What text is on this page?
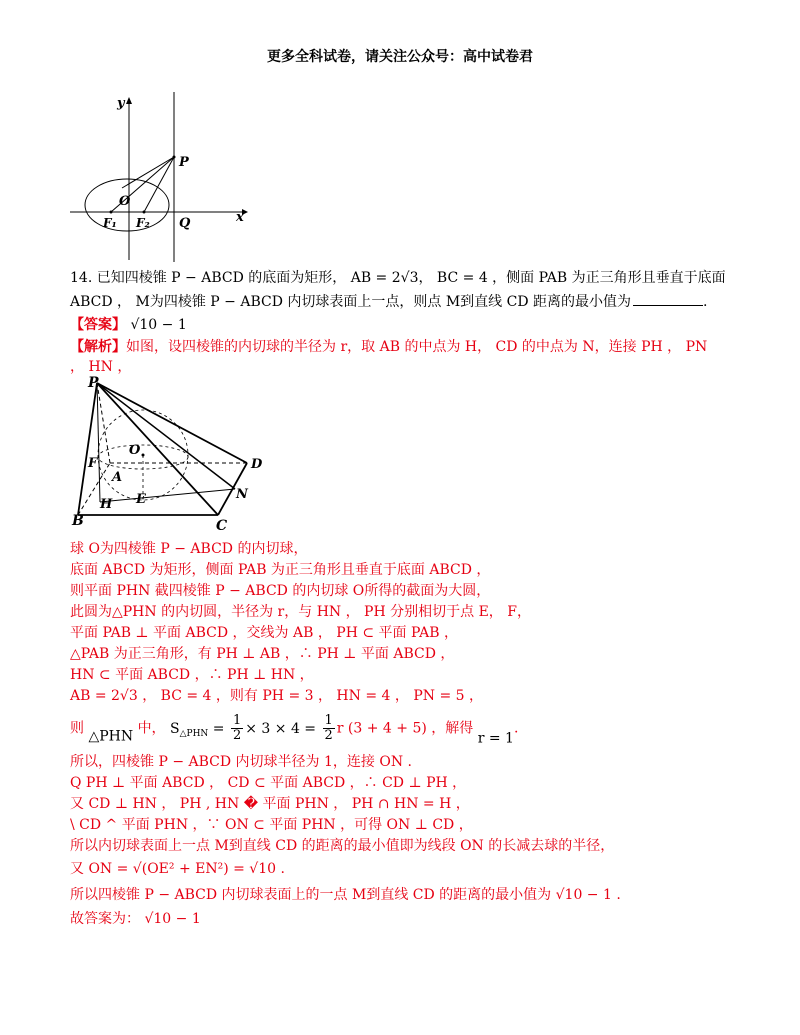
更多全科试卷，请关注公众号：高中试卷君
y
x
P
O
F₁ F₂ Q
14. 已知四棱锥 P − ABCD 的底面为矩形， AB = 2√3， BC = 4 ，侧面 PAB 为正三角形且垂直于底面
ABCD ， M为四棱锥 P − ABCD 内切球表面上一点，则点 M到直线 CD 距离的最小值为	.
【答案】 √10 − 1
【解析】如图，设四棱锥的内切球的半径为 r，取 AB 的中点为 H， CD 的中点为 N，连接 PH ， PN
， HN ，
P
O
F
A
E
D
N
H
B	C
球 O为四棱锥 P − ABCD 的内切球，
底面 ABCD 为矩形，侧面 PAB 为正三角形且垂直于底面 ABCD ，
则平面 PHN 截四棱锥 P − ABCD 的内切球 O所得的截面为大圆，
此圆为△PHN 的内切圆，半径为 r，与 HN ， PH 分别相切于点 E， F，
平面 PAB ⊥ 平面 ABCD ，交线为 AB ， PH ⊂ 平面 PAB ，
△PAB 为正三角形，有 PH ⊥ AB ，∴ PH ⊥ 平面 ABCD ，
HN ⊂ 平面 ABCD ，∴ PH ⊥ HN ，
AB = 2√3 ， BC = 4 ，则有 PH = 3 ， HN = 4 ， PN = 5 ，
则 △PHN 中， $S_{\triangle PHN} = \frac{1}{2} \times 3 \times 4 = \frac{1}{2}$ r (3 + 4 + 5) ，解得 r = 1.
所以，四棱锥 P − ABCD 内切球半径为 1，连接 ON .
Q PH ⊥ 平面 ABCD ， CD ⊂ 平面 ABCD ，∴ CD ⊥ PH ，
又 CD ⊥ HN ， PH , HN � 平面 PHN ， PH ∩ HN = H ，
\ CD ^ 平面 PHN ，∵ ON ⊂ 平面 PHN ，可得 ON ⊥ CD ，
所以内切球表面上一点 M到直线 CD 的距离的最小值即为线段 ON 的长减去球的半径，
又 ON = √(OE² + EN²) = √10 .
所以四棱锥 P − ABCD 内切球表面上的一点 M到直线 CD 的距离的最小值为 √10 − 1 .
故答案为： √10 − 1
